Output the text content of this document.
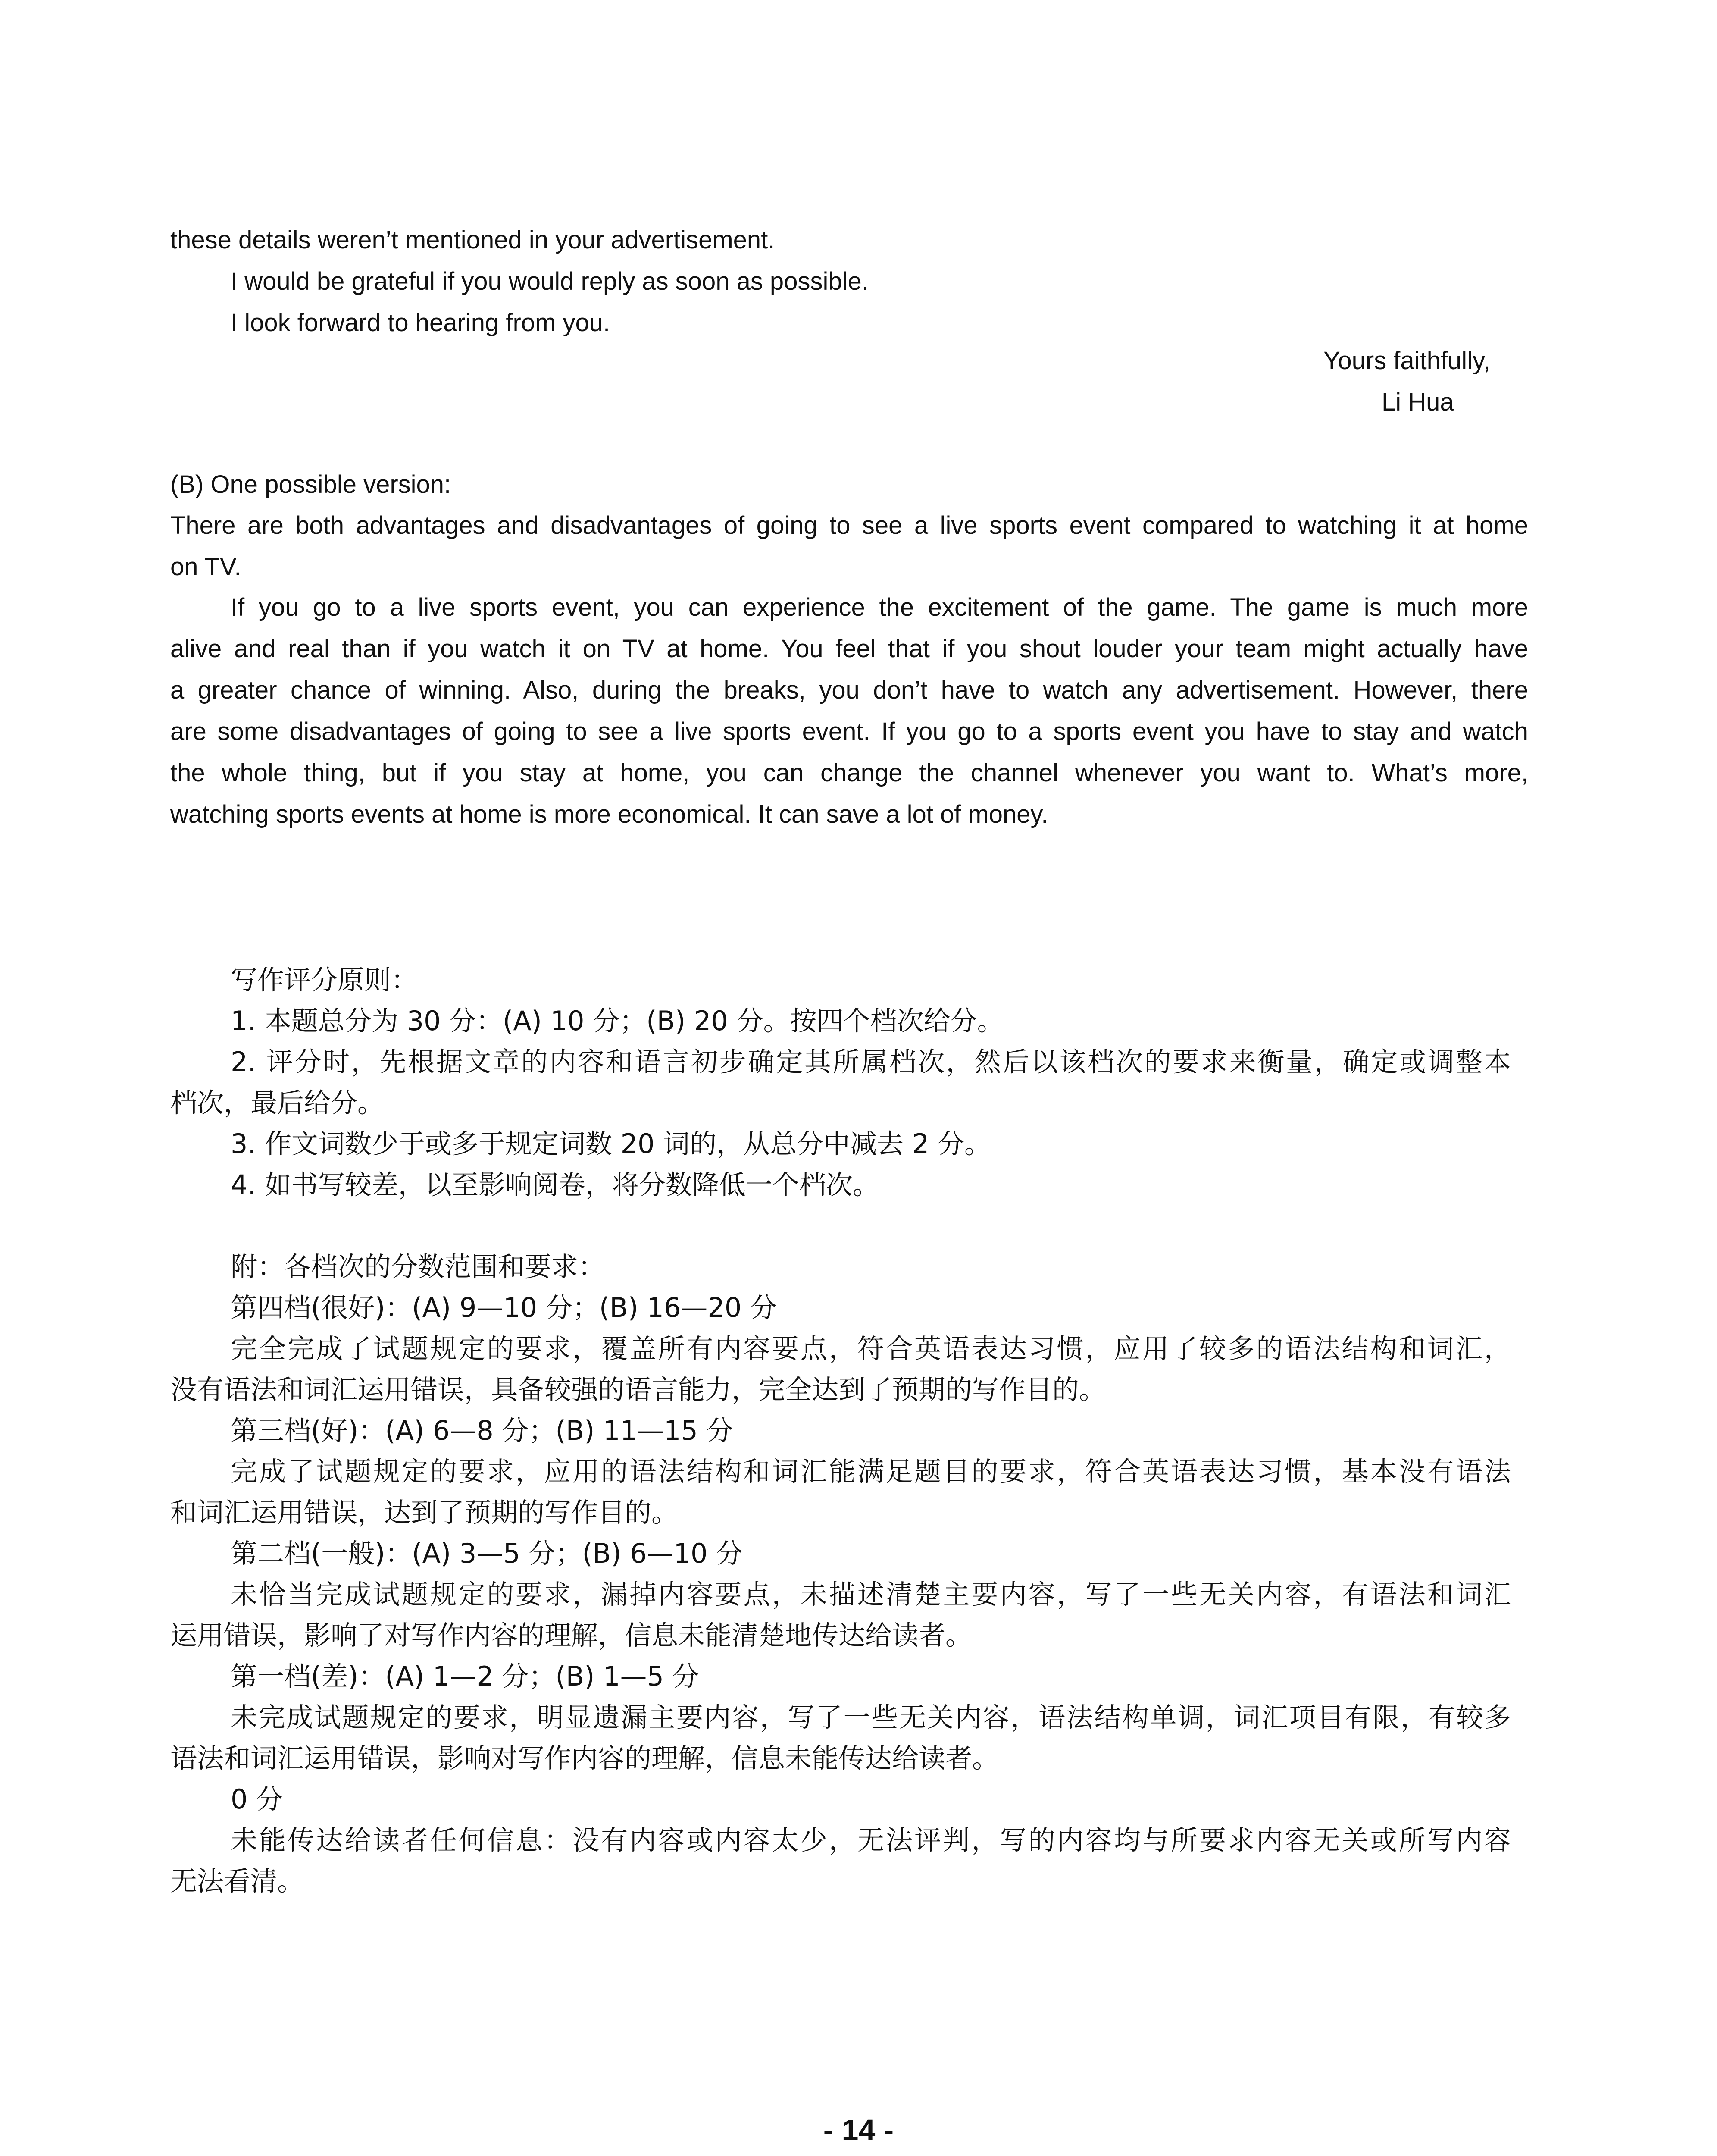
these details weren’t mentioned in your advertisement.
I would be grateful if you would reply as soon as possible.
I look forward to hearing from you.
Yours faithfully,
Li Hua
(B) One possible version:
There are both advantages and disadvantages of going to see a live sports event compared to watching it at home
on TV.
If you go to a live sports event, you can experience the excitement of the game. The game is much more
alive and real than if you watch it on TV at home. You feel that if you shout louder your team might actually have
a greater chance of winning. Also, during the breaks, you don’t have to watch any advertisement. However, there
are some disadvantages of going to see a live sports event. If you go to a sports event you have to stay and watch
the whole thing, but if you stay at home, you can change the channel whenever you want to. What’s more,
watching sports events at home is more economical. It can save a lot of money.
写作评分原则：
1. 本题总分为 30 分：(A) 10 分；(B) 20 分。按四个档次给分。
2. 评分时，先根据文章的内容和语言初步确定其所属档次，然后以该档次的要求来衡量，确定或调整本
档次，最后给分。
3. 作文词数少于或多于规定词数 20 词的，从总分中减去 2 分。
4. 如书写较差，以至影响阅卷，将分数降低一个档次。
附：各档次的分数范围和要求：
第四档(很好)：(A) 9—10 分；(B) 16—20 分
完全完成了试题规定的要求，覆盖所有内容要点，符合英语表达习惯，应用了较多的语法结构和词汇，
没有语法和词汇运用错误，具备较强的语言能力，完全达到了预期的写作目的。
第三档(好)：(A) 6—8 分；(B) 11—15 分
完成了试题规定的要求，应用的语法结构和词汇能满足题目的要求，符合英语表达习惯，基本没有语法
和词汇运用错误，达到了预期的写作目的。
第二档(一般)：(A) 3—5 分；(B) 6—10 分
未恰当完成试题规定的要求，漏掉内容要点，未描述清楚主要内容，写了一些无关内容，有语法和词汇
运用错误，影响了对写作内容的理解，信息未能清楚地传达给读者。
第一档(差)：(A) 1—2 分；(B) 1—5 分
未完成试题规定的要求，明显遗漏主要内容，写了一些无关内容，语法结构单调，词汇项目有限，有较多
语法和词汇运用错误，影响对写作内容的理解，信息未能传达给读者。
0 分
未能传达给读者任何信息：没有内容或内容太少，无法评判，写的内容均与所要求内容无关或所写内容
无法看清。
- 14 -
